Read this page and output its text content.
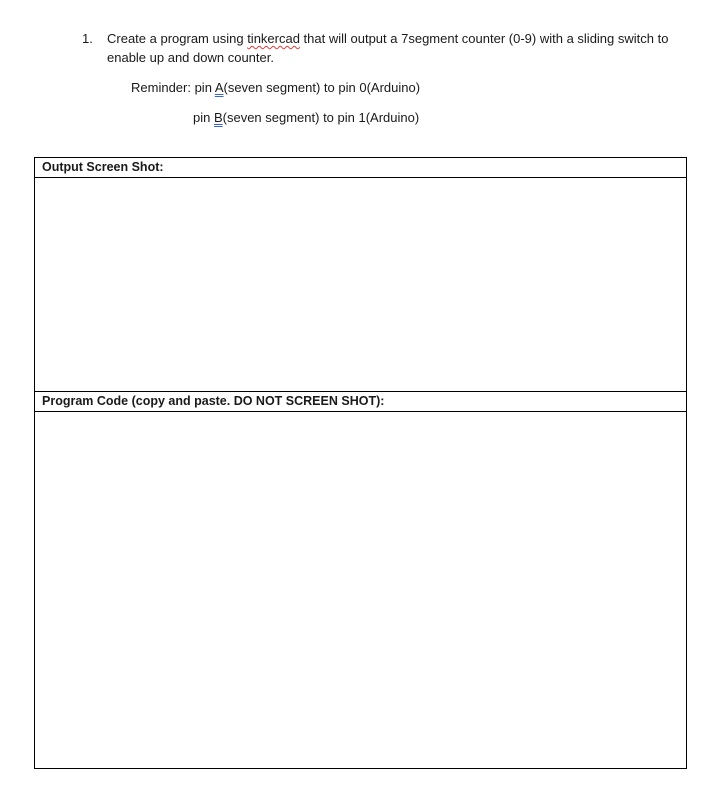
1.	Create a program using tinkercad that will output a 7segment counter (0-9) with a sliding switch to enable up and down counter.
Reminder: pin A(seven segment) to pin 0(Arduino)
pin B(seven segment) to pin 1(Arduino)
Output Screen Shot:
Program Code (copy and paste. DO NOT SCREEN SHOT):
